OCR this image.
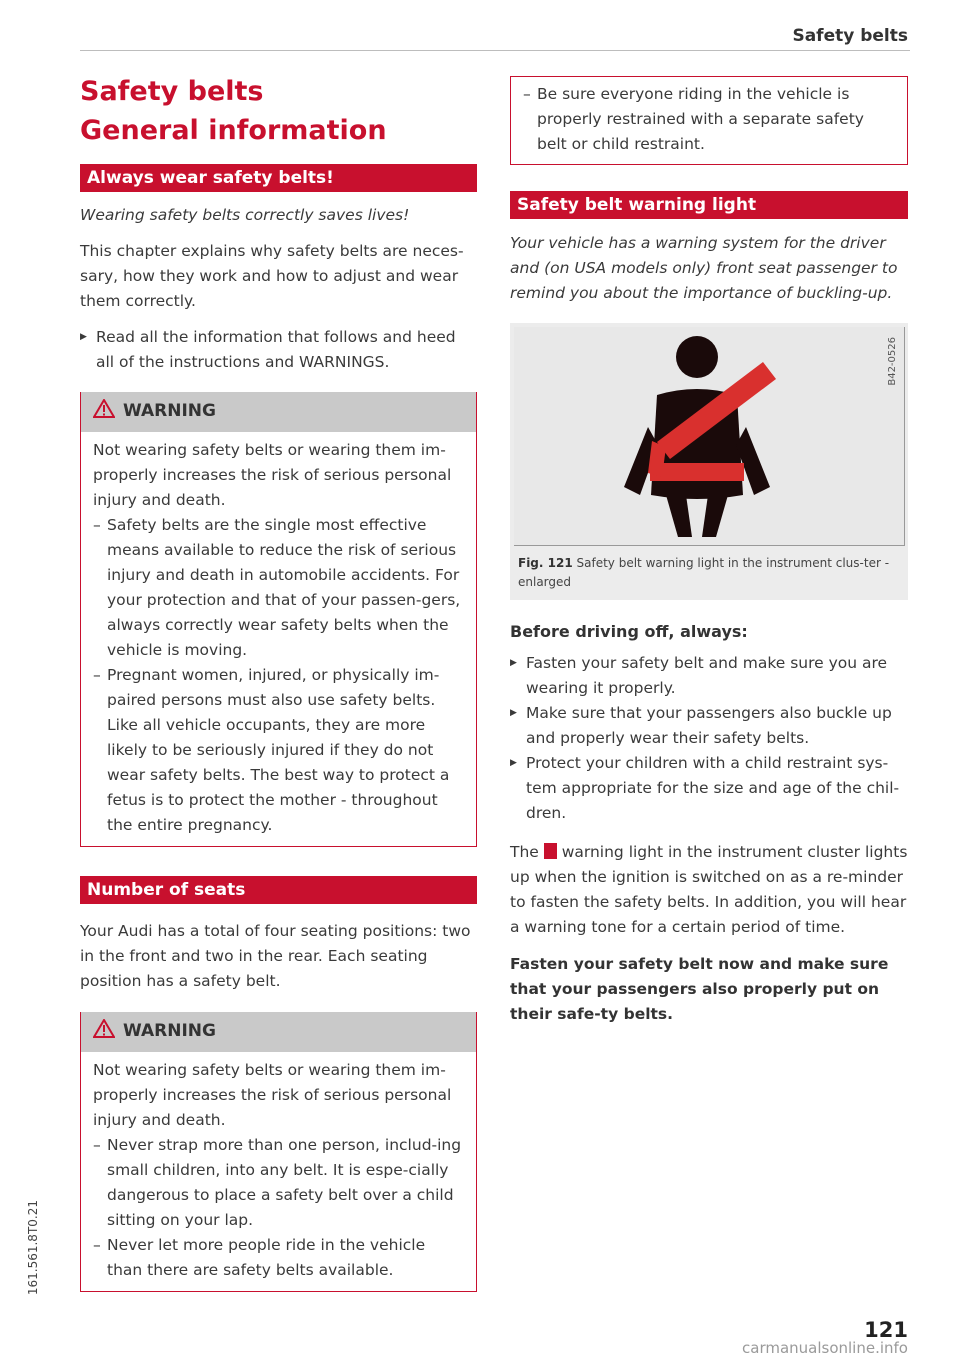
Safety belts
Safety belts
General information
Always wear safety belts!

Wearing safety belts correctly saves lives!

This chapter explains why safety belts are neces-sary, how they work and how to adjust and wear them correctly.

▶ Read all the information that follows and heed all of the instructions and WARNINGS.
WARNING

Not wearing safety belts or wearing them im-properly increases the risk of serious personal injury and death.

– Safety belts are the single most effective means available to reduce the risk of serious injury and death in automobile accidents. For your protection and that of your passen-gers, always correctly wear safety belts when the vehicle is moving.
– Pregnant women, injured, or physically im-paired persons must also use safety belts. Like all vehicle occupants, they are more likely to be seriously injured if they do not wear safety belts. The best way to protect a fetus is to protect the mother - throughout the entire pregnancy.
Number of seats

Your Audi has a total of four seating positions: two in the front and two in the rear. Each seating position has a safety belt.

WARNING

Not wearing safety belts or wearing them im-properly increases the risk of serious personal injury and death.

– Never strap more than one person, includ-ing small children, into any belt. It is espe-cially dangerous to place a safety belt over a child sitting on your lap.
– Never let more people ride in the vehicle than there are safety belts available.
– Be sure everyone riding in the vehicle is properly restrained with a separate safety belt or child restraint.
Safety belt warning light

Your vehicle has a warning system for the driver and (on USA models only) front seat passenger to remind you about the importance of buckling-up.

B42-0526
Fig. 121 Safety belt warning light in the instrument clus-ter - enlarged
Before driving off, always:
▶ Fasten your safety belt and make sure you are wearing it properly.
▶ Make sure that your passengers also buckle up and properly wear their safety belts.
▶ Protect your children with a child restraint sys-tem appropriate for the size and age of the chil-dren.

The warning light in the instrument cluster lights up when the ignition is switched on as a re-minder to fasten the safety belts. In addition, you will hear a warning tone for a certain period of time.

Fasten your safety belt now and make sure that your passengers also properly put on their safe-ty belts.

161.561.8T0.21
121
carmanualsonline.info
